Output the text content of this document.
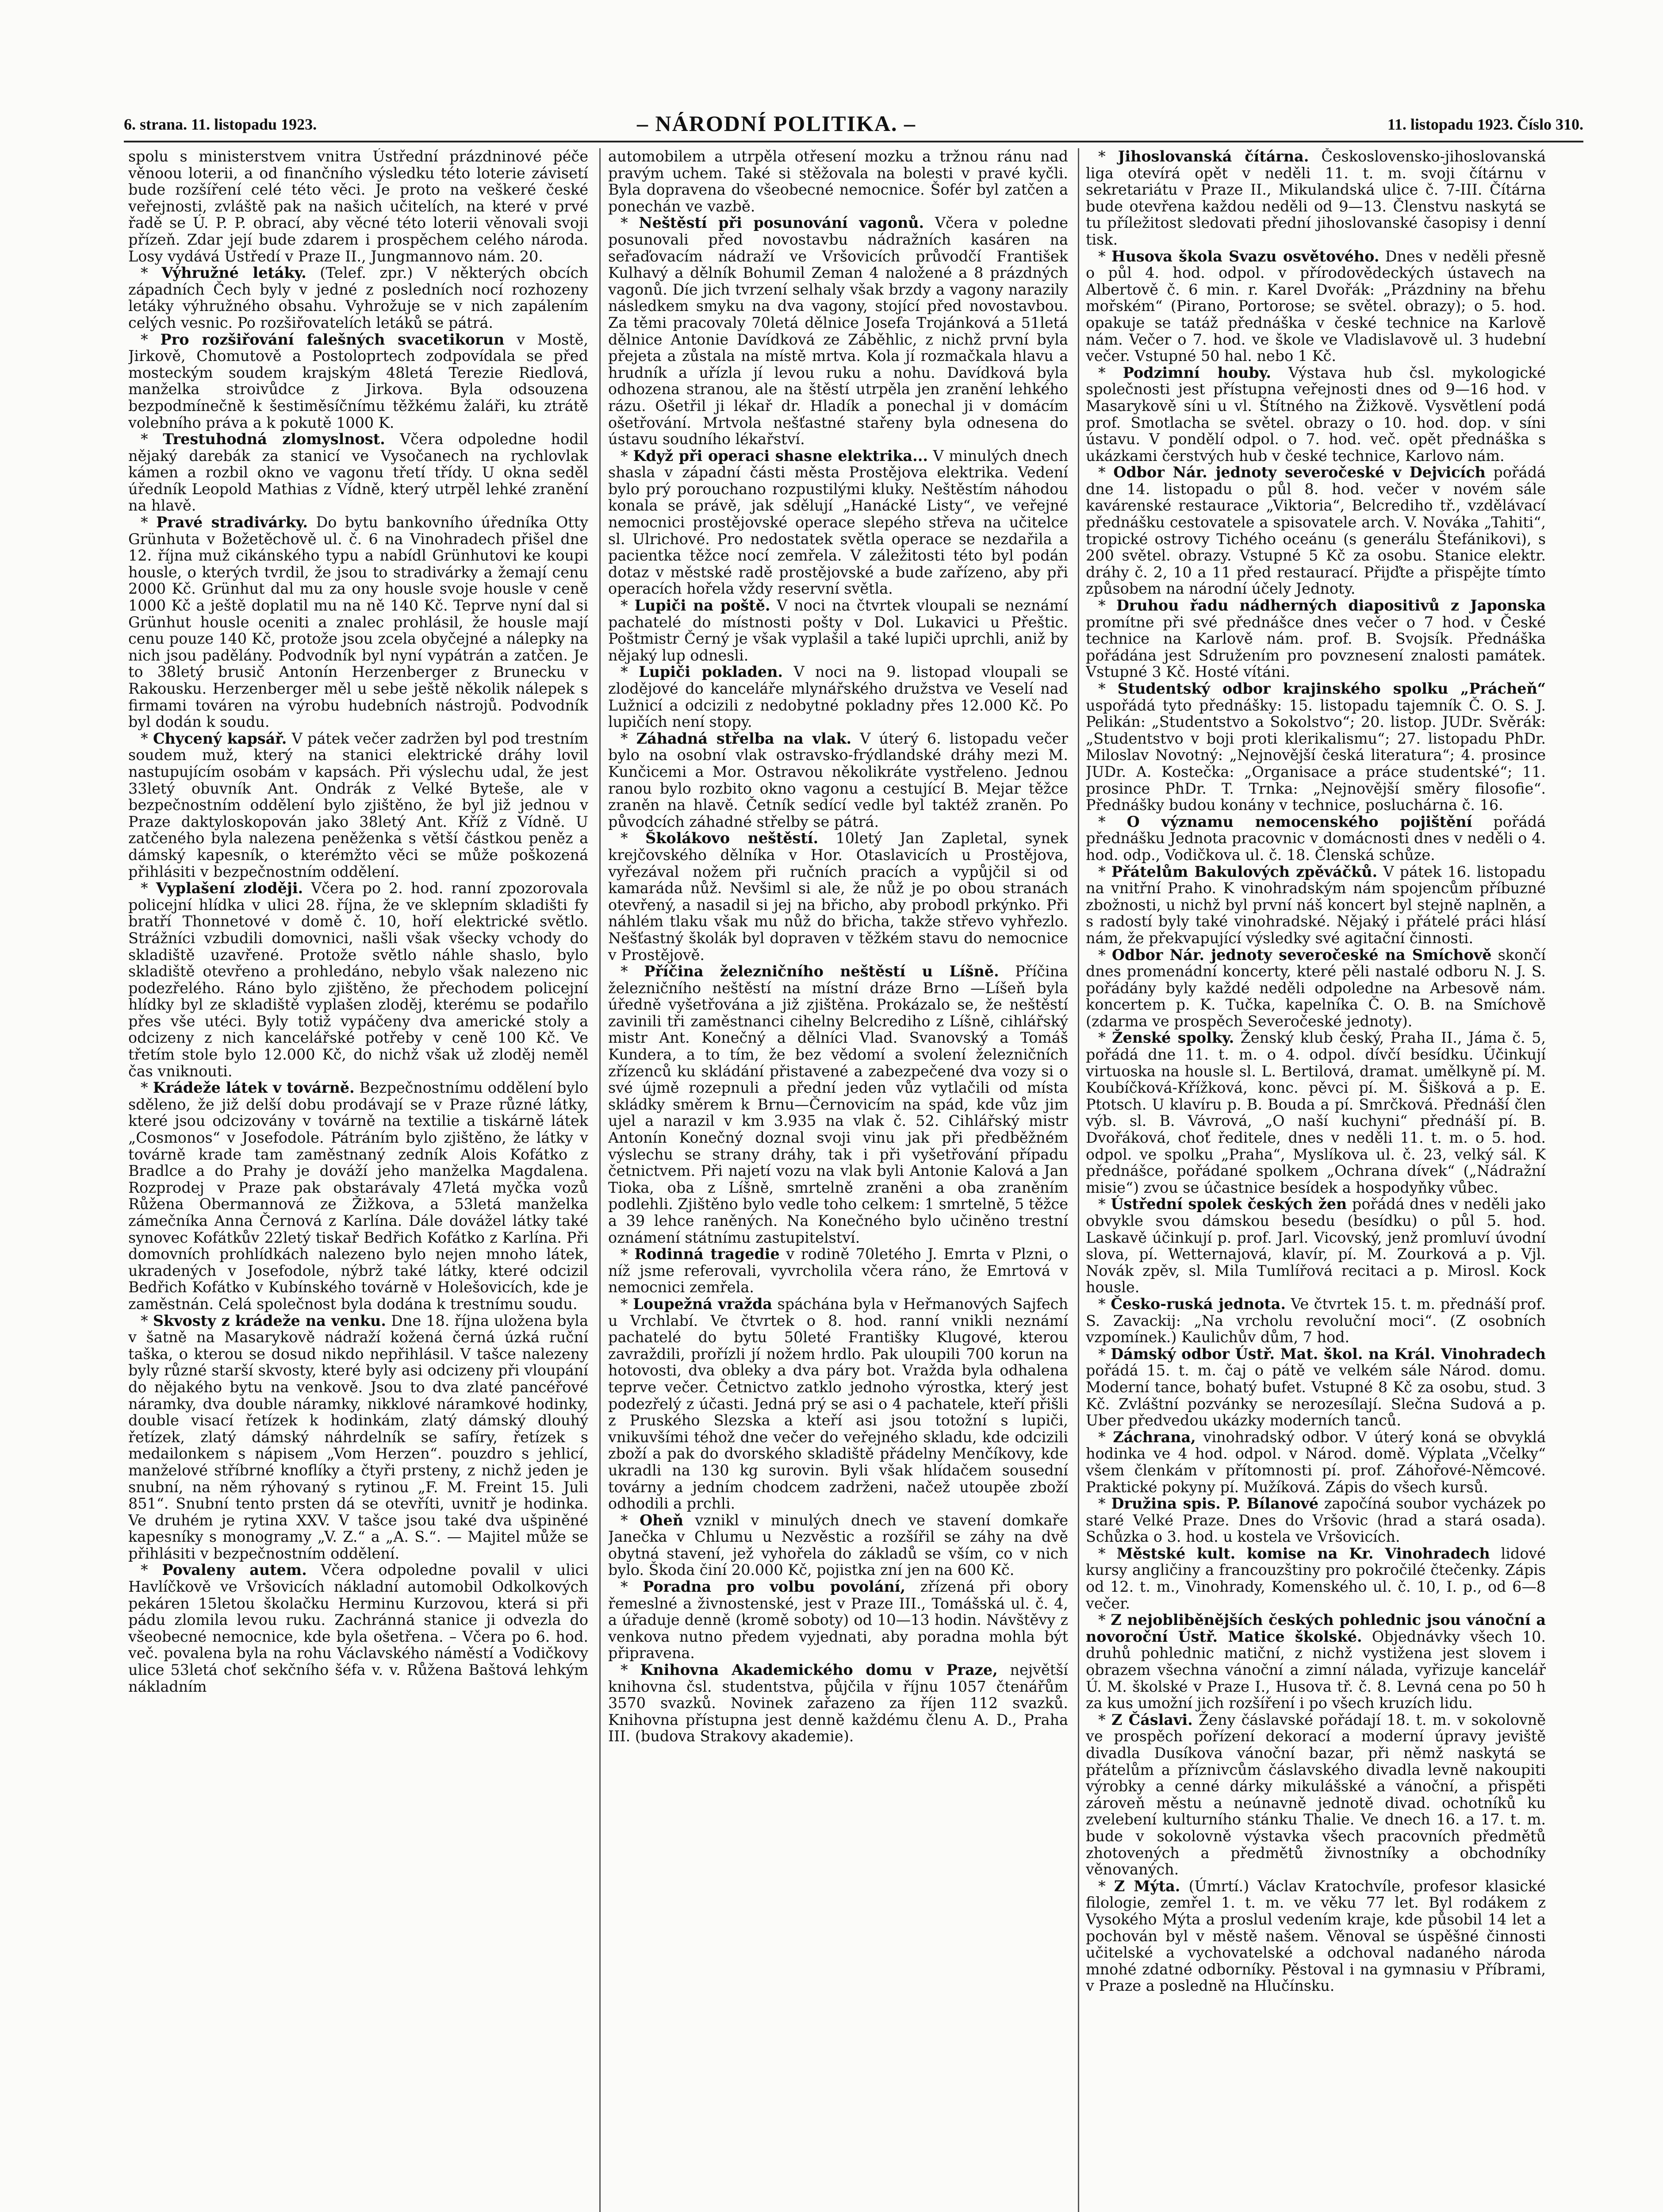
6. strana. 11. listopadu 1923.	– NÁRODNÍ POLITIKA. –	11. listopadu 1923. Číslo 310.

spolu s ministerstvem vnitra Ústřední prázdninové péče věnoou loterii, a od finančního výsledku této loterie závisetí bude rozšíření celé této věci. Je proto na veškeré české veřejnosti, zvláště pak na našich učitelích, na které v prvé řadě se Ú. P. P. obrací, aby věcné této loterii věnovali svoji přízeň. Zdar její bude zdarem i prospěchem celého národa. Losy vydává Ústředí v Praze II., Jungmannovo nám. 20.

* Výhružné letáky. (Telef. zpr.) V některých obcích západních Čech byly v jedné z posledních nocí rozhozeny letáky výhružného obsahu. Vyhrožuje se v nich zapálením celých vesnic. Po rozšiřovatelích letáků se pátrá.

* Pro rozšiřování falešných svacetikorun v Mostě, Jirkově, Chomutově a Postoloprtech zodpovídala se před mosteckým soudem krajským 48letá Terezie Riedlová, manželka stroivůdce z Jirkova. Byla odsouzena bezpodmínečně k šestiměsíčnímu těžkému žaláři, ku ztrátě volebního práva a k pokutě 1000 K.

* Trestuhodná zlomyslnost. Včera odpoledne hodil nějaký darebák za stanicí ve Vysočanech na rychlovlak kámen a rozbil okno ve vagonu třetí třídy. U okna seděl úředník Leopold Mathias z Vídně, který utrpěl lehké zranění na hlavě.

* Pravé stradivárky. Do bytu bankovního úředníka Otty Grünhuta v Božetěchově ul. č. 6 na Vinohradech přišel dne 12. října muž cikánského typu a nabídl Grünhutovi ke koupi housle, o kterých tvrdil, že jsou to stradivárky a žemají cenu 2000 Kč. Grünhut dal mu za ony housle svoje housle v ceně 1000 Kč a ještě doplatil mu na ně 140 Kč. Teprve nyní dal si Grünhut housle oceniti a znalec prohlásil, že housle mají cenu pouze 140 Kč, protože jsou zcela obyčejné a nálepky na nich jsou padělány. Podvodník byl nyní vypátrán a zatčen. Je to 38letý brusič Antonín Herzenberger z Brunecku v Rakousku. Herzenberger měl u sebe ještě několik nálepek s firmami továren na výrobu hudebních nástrojů. Podvodník byl dodán k soudu.

* Chycený kapsář. V pátek večer zadržen byl pod trestním soudem muž, který na stanici elektrické dráhy lovil nastupujícím osobám v kapsách. Při výslechu udal, že jest 33letý obuvník Ant. Ondrák z Velké Byteše, ale v bezpečnostním oddělení bylo zjištěno, že byl již jednou v Praze daktyloskopován jako 38letý Ant. Kříž z Vídně. U zatčeného byla nalezena peněženka s větší částkou peněz a dámský kapesník, o kterémžto věci se může poškozená přihlásiti v bezpečnostním oddělení.

* Vyplašení zloději. Včera po 2. hod. ranní zpozorovala policejní hlídka v ulici 28. října, že ve sklepním skladišti fy bratří Thonnetové v domě č. 10, hoří elektrické světlo. Strážníci vzbudili domovnici, našli však všecky vchody do skladiště uzavřené. Protože světlo náhle shaslo, bylo skladiště otevřeno a prohledáno, nebylo však nalezeno nic podezřelého. Ráno bylo zjištěno, že přechodem policejní hlídky byl ze skladiště vyplašen zloděj, kterému se podařilo přes vše utéci. Byly totiž vypáčeny dva americké stoly a odcizeny z nich kancelářské potřeby v ceně 100 Kč. Ve třetím stole bylo 12.000 Kč, do nichž však už zloděj neměl čas vniknouti.

* Krádeže látek v továrně. Bezpečnostnímu oddělení bylo sděleno, že již delší dobu prodávají se v Praze různé látky, které jsou odcizovány v továrně na textilie a tiskárně látek „Cosmonos“ v Josefodole. Pátráním bylo zjištěno, že látky v továrně krade tam zaměstnaný zedník Alois Kofátko z Bradlce a do Prahy je dováží jeho manželka Magdalena. Rozprodej v Praze pak obstarávaly 47letá myčka vozů Růžena Obermannová ze Žižkova, a 53letá manželka zámečníka Anna Černová z Karlína. Dále dovážel látky také synovec Kofátkův 22letý tiskař Bedřich Kofátko z Karlína. Při domovních prohlídkách nalezeno bylo nejen mnoho látek, ukradených v Josefodole, nýbrž také látky, které odcizil Bedřich Kofátko v Kubínského továrně v Holešovicích, kde je zaměstnán. Celá společnost byla dodána k trestnímu soudu.

* Skvosty z krádeže na venku. Dne 18. října uložena byla v šatně na Masarykově nádraží kožená černá úzká ruční taška, o kterou se dosud nikdo nepřihlásil. V tašce nalezeny byly různé starší skvosty, které byly asi odcizeny při vloupání do nějakého bytu na venkově. Jsou to dva zlaté pancéřové náramky, dva double náramky, nikklové náramkové hodinky, double visací řetízek k hodinkám, zlatý dámský dlouhý řetízek, zlatý dámský náhrdelník se safíry, řetízek s medailonkem s nápisem „Vom Herzen“. pouzdro s jehlicí, manželové stříbrné knoflíky a čtyři prsteny, z nichž jeden je snubní, na něm rýhovaný s rytinou „F. M. Freint 15. Juli 851“. Snubní tento prsten dá se otevříti, uvnitř je hodinka. Ve druhém je rytina XXV. V tašce jsou také dva ušpiněné kapesníky s monogramy „V. Z.“ a „A. S.“. — Majitel může se přihlásiti v bezpečnostním oddělení.

* Povaleny autem. Včera odpoledne povalil v ulici Havlíčkově ve Vršovicích nákladní automobil Odkolkových pekáren 15letou školačku Herminu Kurzovou, která si při pádu zlomila levou ruku. Zachránná stanice ji odvezla do všeobecné nemocnice, kde byla ošetřena. – Včera po 6. hod. več. povalena byla na rohu Václavského náměstí a Vodičkovy ulice 53letá choť sekčního šéfa v. v. Růžena Baštová lehkým nákladním

automobilem a utrpěla otřesení mozku a tržnou ránu nad pravým uchem. Také si stěžovala na bolesti v pravé kyčli. Byla dopravena do všeobecné nemocnice. Šofér byl zatčen a ponechán ve vazbě.

* Neštěstí při posunování vagonů. Včera v poledne posunovali před novostavbu nádražních kasáren na seřaďovacím nádraží ve Vršovicích průvodčí František Kulhavý a dělník Bohumil Zeman 4 naložené a 8 prázdných vagonů. Díe jich tvrzení selhaly však brzdy a vagony narazily následkem smyku na dva vagony, stojící před novostavbou. Za těmi pracovaly 70letá dělnice Josefa Trojánková a 51letá dělnice Antonie Davídková ze Záběhlic, z nichž první byla přejeta a zůstala na místě mrtva. Kola jí rozmačkala hlavu a hrudník a uřízla jí levou ruku a nohu. Davídková byla odhozena stranou, ale na štěstí utrpěla jen zranění lehkého rázu. Ošetřil ji lékař dr. Hladík a ponechal ji v domácím ošetřování. Mrtvola nešťastné stařeny byla odnesena do ústavu soudního lékařství.

* Když při operaci shasne elektrika... V minulých dnech shasla v západní části města Prostějova elektrika. Vedení bylo prý porouchano rozpustilými kluky. Neštěstím náhodou konala se právě, jak sdělují „Hanácké Listy“, ve veřejné nemocnici prostějovské operace slepého střeva na učitelce sl. Ulrichové. Pro nedostatek světla operace se nezdařila a pacientka těžce nocí zemřela. V záležitosti této byl podán dotaz v městské radě prostějovské a bude zařízeno, aby při operacích hořela vždy reservní světla.

* Lupiči na poště. V noci na čtvrtek vloupali se neznámí pachatelé do místnosti pošty v Dol. Lukavici u Přeštic. Poštmistr Černý je však vyplašil a také lupiči uprchli, aniž by nějaký lup odnesli.

* Lupiči pokladen. V noci na 9. listopad vloupali se zlodějové do kanceláře mlynářského družstva ve Veselí nad Lužnicí a odcizili z nedobytné pokladny přes 12.000 Kč. Po lupičích není stopy.

* Záhadná střelba na vlak. V úterý 6. listopadu večer bylo na osobní vlak ostravsko-frýdlandské dráhy mezi M. Kunčicemi a Mor. Ostravou několikráte vystřeleno. Jednou ranou bylo rozbito okno vagonu a cestující B. Mejar těžce zraněn na hlavě. Četník sedící vedle byl taktéž zraněn. Po původcích záhadné střelby se pátrá.

* Školákovo neštěstí. 10letý Jan Zapletal, synek krejčovského dělníka v Hor. Otaslavicích u Prostějova, vyřezával nožem při ručních pracích a vypůjčil si od kamaráda nůž. Nevšiml si ale, že nůž je po obou stranách otevřený, a nasadil si jej na břicho, aby probodl prkýnko. Při náhlém tlaku však mu nůž do břicha, takže střevo vyhřezlo. Nešťastný školák byl dopraven v těžkém stavu do nemocnice v Prostějově.

* Příčina železničního neštěstí u Líšně. Příčina železničního neštěstí na místní dráze Brno —Líšeň byla úředně vyšetřována a již zjištěna. Prokázalo se, že neštěstí zavinili tři zaměstnanci cihelny Belcrediho z Líšně, cihlářský mistr Ant. Konečný a dělníci Vlad. Svanovský a Tomáš Kundera, a to tím, že bez vědomí a svolení železničních zřízenců ku skládání přistavené a zabezpečené dva vozy si o své újmě rozepnuli a přední jeden vůz vytlačili od místa skládky směrem k Brnu—Černovicím na spád, kde vůz jim ujel a narazil v km 3.935 na vlak č. 52. Cihlářský mistr Antonín Konečný doznal svoji vinu jak při předběžném výslechu se strany dráhy, tak i při vyšetřování případu četnictvem. Při najetí vozu na vlak byli Antonie Kalová a Jan Tioka, oba z Líšně, smrtelně zraněni a oba zraněním podlehli. Zjištěno bylo vedle toho celkem: 1 smrtelně, 5 těžce a 39 lehce raněných. Na Konečného bylo učiněno trestní oznámení státnímu zastupitelství.

* Rodinná tragedie v rodině 70letého J. Emrta v Plzni, o níž jsme referovali, vyvrcholila včera ráno, že Emrtová v nemocnici zemřela.

* Loupežná vražda spáchána byla v Heřmanových Sajfech u Vrchlabí. Ve čtvrtek o 8. hod. ranní vnikli neznámí pachatelé do bytu 50leté Františky Klugové, kterou zavraždili, prořízli jí nožem hrdlo. Pak uloupili 700 korun na hotovosti, dva obleky a dva páry bot. Vražda byla odhalena teprve večer. Četnictvo zatklo jednoho výrostka, který jest podezřelý z účasti. Jedná prý se asi o 4 pachatele, kteří přišli z Pruského Slezska a kteří asi jsou totožní s lupiči, vnikuvšími téhož dne večer do veřejného skladu, kde odcizili zboží a pak do dvorského skladiště přádelny Menčíkovy, kde ukradli na 130 kg surovin. Byli však hlídačem sousední továrny a jedním chodcem zadrženi, načež utoupěe zboží odhodili a prchli.

* Oheň vznikl v minulých dnech ve stavení domkaře Janečka v Chlumu u Nezvěstic a rozšířil se záhy na dvě obytná stavení, jež vyhořela do základů se vším, co v nich bylo. Škoda činí 20.000 Kč, pojistka zní jen na 600 Kč.

* Poradna pro volbu povolání, zřízená při obory řemeslné a živnostenské, jest v Praze III., Tomášská ul. č. 4, a úřaduje denně (kromě soboty) od 10—13 hodin. Návštěvy z venkova nutno předem vyjednati, aby poradna mohla být připravena.

* Knihovna Akademického domu v Praze, největší knihovna čsl. studentstva, půjčila v říjnu 1057 čtenářům 3570 svazků. Novinek zařazeno za říjen 112 svazků. Knihovna přístupna jest denně každému členu A. D., Praha III. (budova Strakovy akademie).

* Jihoslovanská čítárna. Československo-jihoslovanská liga otevírá opět v neděli 11. t. m. svoji čítárnu v sekretariátu v Praze II., Mikulandská ulice č. 7-III. Čítárna bude otevřena každou neděli od 9—13. Členstvu naskytá se tu příležitost sledovati přední jihoslovanské časopisy i denní tisk.

* Husova škola Svazu osvětového. Dnes v neděli přesně o půl 4. hod. odpol. v přírodovědeckých ústavech na Albertově č. 6 min. r. Karel Dvořák: „Prázdniny na břehu mořském“ (Pirano, Portorose; se světel. obrazy); o 5. hod. opakuje se tatáž přednáška v české technice na Karlově nám. Večer o 7. hod. ve škole ve Vladislavově ul. 3 hudební večer. Vstupné 50 hal. nebo 1 Kč.

* Podzimní houby. Výstava hub čsl. mykologické společnosti jest přístupna veřejnosti dnes od 9—16 hod. v Masarykově síni u vl. Štítného na Žižkově. Vysvětlení podá prof. Smotlacha se světel. obrazy o 10. hod. dop. v síni ústavu. V pondělí odpol. o 7. hod. več. opět přednáška s ukázkami čerstvých hub v české technice, Karlovo nám.

* Odbor Nár. jednoty severočeské v Dejvicích pořádá dne 14. listopadu o půl 8. hod. večer v novém sále kavárenské restaurace „Viktoria“, Belcrediho tř., vzdělávací přednášku cestovatele a spisovatele arch. V. Nováka „Tahiti“, tropické ostrovy Tichého oceánu (s generálu Štefánikovi), s 200 světel. obrazy. Vstupné 5 Kč za osobu. Stanice elektr. dráhy č. 2, 10 a 11 před restaurací. Přijďte a přispějte tímto způsobem na národní účely Jednoty.

* Druhou řadu nádherných diapositivů z Japonska promítne při své přednášce dnes večer o 7 hod. v České technice na Karlově nám. prof. B. Svojsík. Přednáška pořádána jest Sdružením pro povznesení znalosti památek. Vstupné 3 Kč. Hosté vítáni.

* Studentský odbor krajinského spolku „Prácheň“ uspořádá tyto přednášky: 15. listopadu tajemník Č. O. S. J. Pelikán: „Studentstvo a Sokolstvo“; 20. listop. JUDr. Svěrák: „Studentstvo v boji proti klerikalismu“; 27. listopadu PhDr. Miloslav Novotný: „Nejnovější česká literatura“; 4. prosince JUDr. A. Kostečka: „Organisace a práce studentské“; 11. prosince PhDr. T. Trnka: „Nejnovější směry filosofie“. Přednášky budou konány v technice, posluchárna č. 16.

* O významu nemocenského pojištění pořádá přednášku Jednota pracovnic v domácnosti dnes v neděli o 4. hod. odp., Vodičkova ul. č. 18. Členská schůze.

* Přátelům Bakulových zpěváčků. V pátek 16. listopadu na vnitřní Praho. K vinohradským nám spojencům příbuzné zbožnosti, u nichž byl první náš koncert byl stejně naplněn, a s radostí byly také vinohradské. Nějaký i přátelé práci hlásí nám, že překvapující výsledky své agitační činnosti.

* Odbor Nár. jednoty severočeské na Smíchově skončí dnes promenádní koncerty, které pěli nastalé odboru N. J. S. pořádány byly každé neděli odpoledne na Arbesově nám. koncertem p. K. Tučka, kapelníka Č. O. B. na Smíchově (zdarma ve prospěch Severočeské jednoty).

* Ženské spolky. Ženský klub český, Praha II., Jáma č. 5, pořádá dne 11. t. m. o 4. odpol. dívčí besídku. Účinkují virtuoska na housle sl. L. Bertilová, dramat. umělkyně pí. M. Koubíčková-Křížková, konc. pěvci pí. M. Šišková a p. E. Ptotsch. U klavíru p. B. Bouda a pí. Smrčková. Přednáší člen výb. sl. B. Vávrová, „O naší kuchyni“ přednáší pí. B. Dvořáková, choť ředitele, dnes v neděli 11. t. m. o 5. hod. odpol. ve spolku „Praha“, Myslíkova ul. č. 23, velký sál. K přednášce, pořádané spolkem „Ochrana dívek“ („Nádražní misie“) zvou se účastnice besídek a hospodyňky vůbec.

* Ústřední spolek českých žen pořádá dnes v neděli jako obvykle svou dámskou besedu (besídku) o půl 5. hod. Laskavě účinkují p. prof. Jarl. Vicovský, jenž promluví úvodní slova, pí. Wetternajová, klavír, pí. M. Zourková a p. Vjl. Novák zpěv, sl. Mila Tumlířová recitaci a p. Mirosl. Kock housle.

* Česko-ruská jednota. Ve čtvrtek 15. t. m. přednáší prof. S. Zavackij: „Na vrcholu revoluční moci“. (Z osobních vzpomínek.) Kaulichův dům, 7 hod.

* Dámský odbor Ústř. Mat. škol. na Král. Vinohradech pořádá 15. t. m. čaj o pátě ve velkém sále Národ. domu. Moderní tance, bohatý bufet. Vstupné 8 Kč za osobu, stud. 3 Kč. Zvláštní pozvánky se nerozesílají. Slečna Sudová a p. Uber předvedou ukázky moderních tanců.

* Záchrana, vinohradský odbor. V úterý koná se obvyklá hodinka ve 4 hod. odpol. v Národ. domě. Výplata „Včelky“ všem členkám v přítomnosti pí. prof. Záhořové-Němcové. Praktické pokyny pí. Mužíková. Zápis do všech kursů.

* Družina spis. P. Bílanové započíná soubor vycházek po staré Velké Praze. Dnes do Vršovic (hrad a stará osada). Schůzka o 3. hod. u kostela ve Vršovicích.

* Městské kult. komise na Kr. Vinohradech lidové kursy angličiny a francouzštiny pro pokročilé čtečenky. Zápis od 12. t. m., Vinohrady, Komenského ul. č. 10, I. p., od 6—8 večer.

* Z nejobliběnějších českých pohlednic jsou vánoční a novoroční Ústř. Matice školské. Objednávky všech 10. druhů pohlednic matiční, z nichž vystižena jest slovem i obrazem všechna vánoční a zimní nálada, vyřizuje kancelář Ú. M. školské v Praze I., Husova tř. č. 8. Levná cena po 50 h za kus umožní jich rozšíření i po všech kruzích lidu.

* Z Čáslavi. Ženy čáslavské pořádají 18. t. m. v sokolovně ve prospěch pořízení dekorací a moderní úpravy jeviště divadla Dusíkova vánoční bazar, při němž naskytá se přátelům a příznivcům čáslavského divadla levně nakoupiti výrobky a cenné dárky mikulášské a vánoční, a přispěti zároveň městu a neúnavně jednotě divad. ochotníků ku zvelebení kulturního stánku Thalie. Ve dnech 16. a 17. t. m. bude v sokolovně výstavka všech pracovních předmětů zhotovených a předmětů živnostníky a obchodníky věnovaných.

* Z Mýta. (Úmrtí.) Václav Kratochvíle, profesor klasické filologie, zemřel 1. t. m. ve věku 77 let. Byl rodákem z Vysokého Mýta a proslul vedením kraje, kde působil 14 let a pochován byl v městě našem. Věnoval se úspěšné činnosti učitelské a vychovatelské a odchoval nadaného národa mnohé zdatné odborníky. Pěstoval i na gymnasiu v Příbrami, v Praze a posledně na Hlučínsku.
